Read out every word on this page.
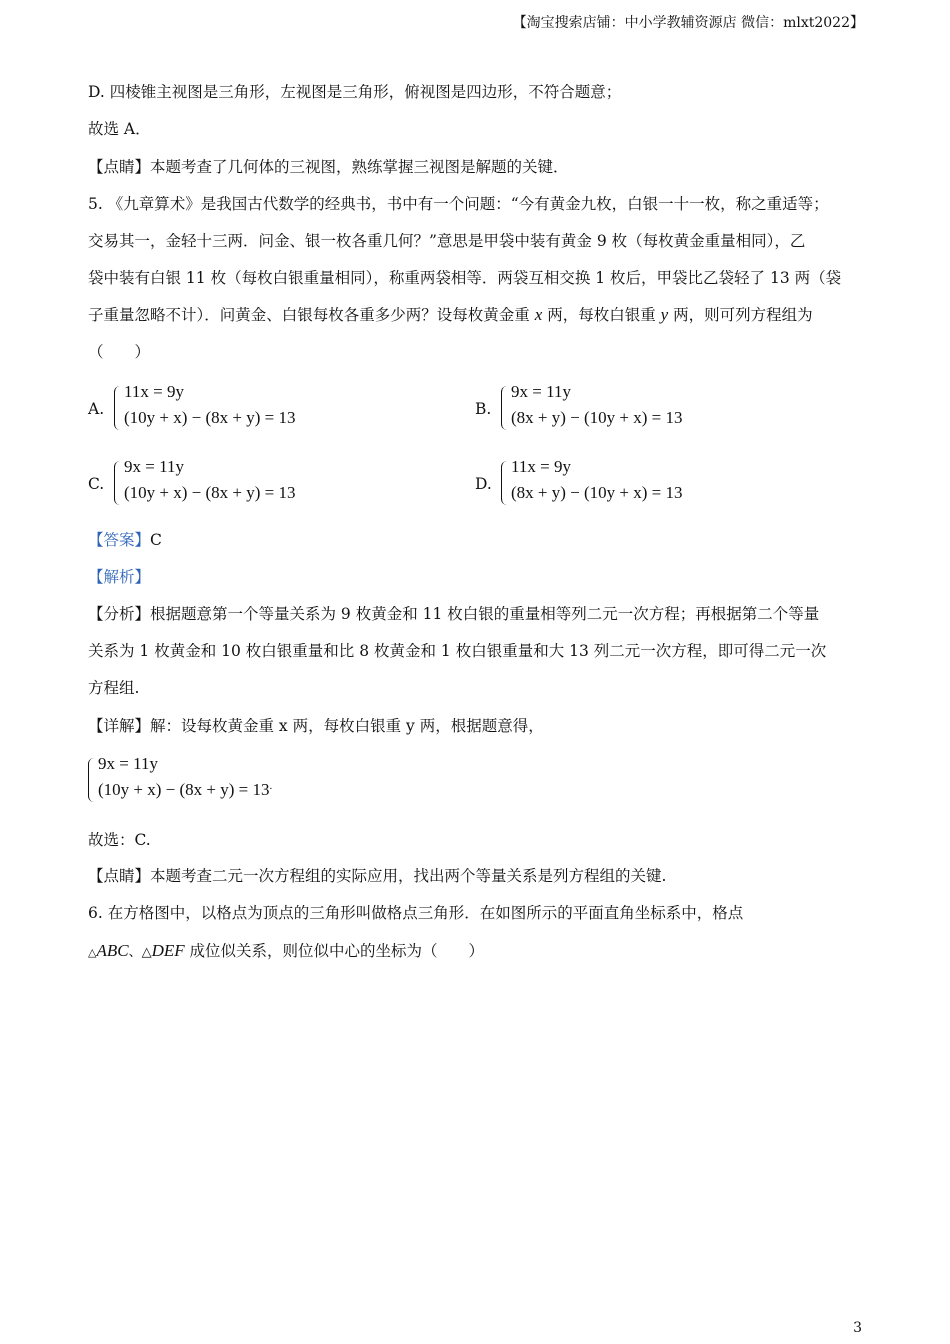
【淘宝搜索店铺：中小学教辅资源店 微信：mlxt2022】
D. 四棱锥主视图是三角形，左视图是三角形，俯视图是四边形，不符合题意；
故选 A．
【点睛】本题考查了几何体的三视图，熟练掌握三视图是解题的关键．
5. 《九章算术》是我国古代数学的经典书，书中有一个问题：“今有黄金九枚，白银一十一枚，称之重适等；
交易其一，金轻十三两．问金、银一枚各重几何？”意思是甲袋中装有黄金 9 枚（每枚黄金重量相同），乙
袋中装有白银 11 枚（每枚白银重量相同），称重两袋相等．两袋互相交换 1 枚后，甲袋比乙袋轻了 13 两（袋
子重量忽略不计）．问黄金、白银每枚各重多少两？设每枚黄金重 x 两，每枚白银重 y 两，则可列方程组为
（　　）
A.
11x = 9y
(10y + x) − (8x + y) = 13	B.
9x = 11y
(8x + y) − (10y + x) = 13
C.
9x = 11y
(10y + x) − (8x + y) = 13	D.
11x = 9y
(8x + y) − (10y + x) = 13
【答案】C
【解析】
【分析】根据题意第一个等量关系为 9 枚黄金和 11 枚白银的重量相等列二元一次方程；再根据第二个等量
关系为 1 枚黄金和 10 枚白银重量和比 8 枚黄金和 1 枚白银重量和大 13 列二元一次方程，即可得二元一次
方程组.
【详解】解：设每枚黄金重 x 两，每枚白银重 y 两，根据题意得，
9x = 11y
(10y + x) − (8x + y) = 13.
故选：C.
【点睛】本题考查二元一次方程组的实际应用，找出两个等量关系是列方程组的关键.
6. 在方格图中，以格点为顶点的三角形叫做格点三角形．在如图所示的平面直角坐标系中，格点
△ABC、△DEF 成位似关系，则位似中心的坐标为（　　）
3
